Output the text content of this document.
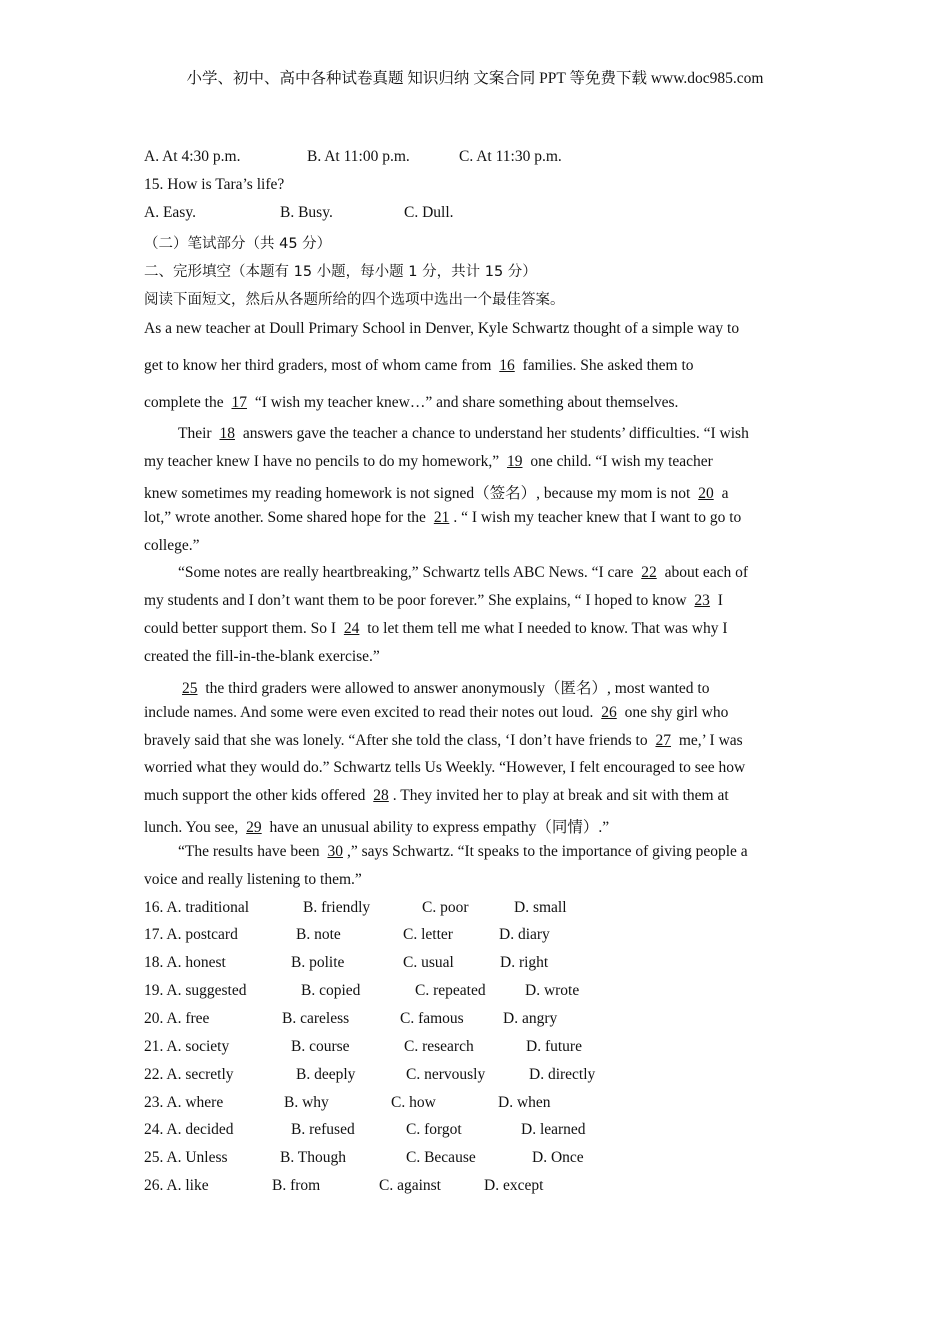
小学、初中、高中各种试卷真题 知识归纳 文案合同 PPT 等免费下载 www.doc985.com
A. At 4:30 p.m.	B. At 11:00 p.m.	C. At 11:30 p.m.
15. How is Tara’s life?
A. Easy.	B. Busy.	C. Dull.
（二）笔试部分（共 45 分）
二、完形填空（本题有 15 小题，每小题 1 分，共计 15 分）
阅读下面短文，然后从各题所给的四个选项中选出一个最佳答案。
As a new teacher at Doull Primary School in Denver, Kyle Schwartz thought of a simple way to
get to know her third graders, most of whom came from 16 families. She asked them to
complete the 17 “I wish my teacher knew…” and share something about themselves.
Their 18 answers gave the teacher a chance to understand her students’ difficulties. “I wish
my teacher knew I have no pencils to do my homework,” 19 one child. “I wish my teacher
knew sometimes my reading homework is not signed（签名）, because my mom is not 20 a
lot,” wrote another. Some shared hope for the 21 . “ I wish my teacher knew that I want to go to
college.”
“Some notes are really heartbreaking,” Schwartz tells ABC News. “I care 22 about each of
my students and I don’t want them to be poor forever.” She explains, “ I hoped to know 23 I
could better support them. So I 24 to let them tell me what I needed to know. That was why I
created the fill-in-the-blank exercise.”
25 the third graders were allowed to answer anonymously（匿名）, most wanted to
include names. And some were even excited to read their notes out loud. 26 one shy girl who
bravely said that she was lonely. “After she told the class, ‘I don’t have friends to 27 me,’ I was
worried what they would do.” Schwartz tells Us Weekly. “However, I felt encouraged to see how
much support the other kids offered 28 . They invited her to play at break and sit with them at
lunch. You see, 29 have an unusual ability to express empathy（同情）.”
“The results have been 30 ,” says Schwartz. “It speaks to the importance of giving people a
voice and really listening to them.”
16. A. traditional	B. friendly	C. poor	D. small
17. A. postcard	B. note	C. letter	D. diary
18. A. honest	B. polite	C. usual	D. right
19. A. suggested	B. copied	C. repeated	D. wrote
20. A. free	B. careless	C. famous	D. angry
21. A. society	B. course	C. research	D. future
22. A. secretly	B. deeply	C. nervously	D. directly
23. A. where	B. why	C. how	D. when
24. A. decided	B. refused	C. forgot	D. learned
25. A. Unless	B. Though	C. Because	D. Once
26. A. like	B. from	C. against	D. except
